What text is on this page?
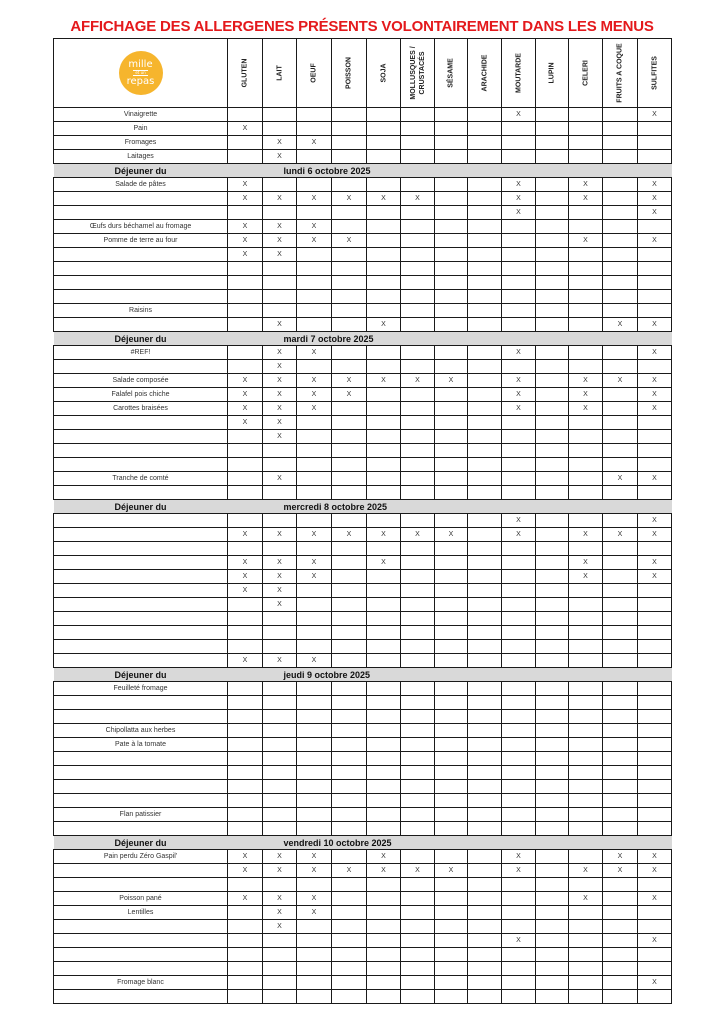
AFFICHAGE DES ALLERGENES PRÉSENTS VOLONTAIREMENT DANS LES MENUS
mille
et un
repas	GLUTEN	LAIT	OEUF	POISSON	SOJA	MOLLUSQUES / CRUSTACÉS	SÉSAME	ARACHIDE	MOUTARDE	LUPIN	CELERI	FRUITS A COQUE	SULFITES

Vinaigrette									X				X
Pain	X												
Fromages		X	X										
Laitages		X											
Déjeuner du	lundi 6 octobre 2025												
Salade de pâtes	X								X		X		X
	X	X	X	X	X	X			X		X		X
									X				X
Œufs durs béchamel au fromage	X	X	X										
Pomme de terre au four	X	X	X	X							X		X
	X	X											

Raisins													
		X			X							X	X
Déjeuner du	mardi 7 octobre 2025												
#REF!		X	X						X				X
		X											
Salade composée	X	X	X	X	X	X	X		X		X	X	X
Falafel pois chiche	X	X	X	X					X		X		X
Carottes braisées	X	X	X						X		X		X
	X	X											
		X											

Tranche de comté		X										X	X

Déjeuner du	mercredi 8 octobre 2025												
									X				X
	X	X	X	X	X	X	X		X		X	X	X

	X	X	X		X						X		X
	X	X	X								X		X
	X	X											
		X											

	X	X	X										
Déjeuner du	jeudi 9 octobre 2025												
Feuilleté fromage													

Chipollatta aux herbes													
Pate à la tomate													

Flan patissier													

Déjeuner du	vendredi 10 octobre 2025												
Pain perdu Zéro Gaspil'	X	X	X		X				X			X	X
	X	X	X	X	X	X	X		X		X	X	X

Poisson pané	X	X	X								X		X
Lentilles		X	X										
		X											
									X				X

Fromage blanc													X
